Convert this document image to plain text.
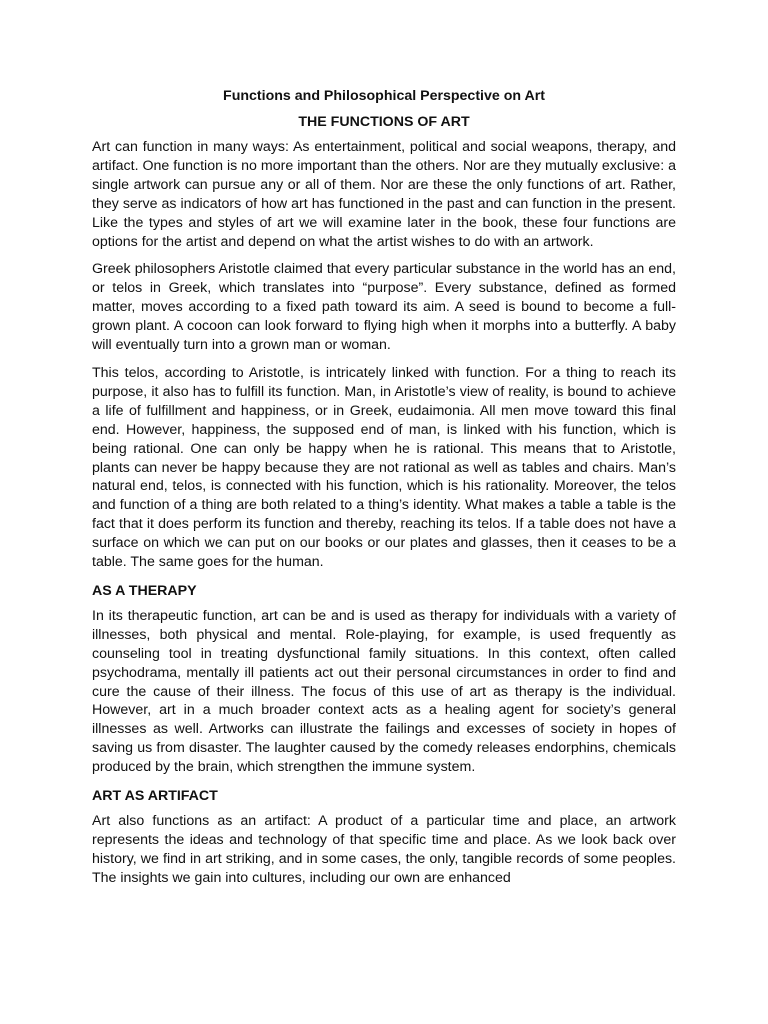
Functions and Philosophical Perspective on Art
THE FUNCTIONS OF ART

Art can function in many ways: As entertainment, political and social weapons, therapy, and artifact. One function is no more important than the others. Nor are they mutually exclusive: a single artwork can pursue any or all of them. Nor are these the only functions of art. Rather, they serve as indicators of how art has functioned in the past and can function in the present. Like the types and styles of art we will examine later in the book, these four functions are options for the artist and depend on what the artist wishes to do with an artwork.

Greek philosophers Aristotle claimed that every particular substance in the world has an end, or telos in Greek, which translates into “purpose”. Every substance, defined as formed matter, moves according to a fixed path toward its aim. A seed is bound to become a full-grown plant. A cocoon can look forward to flying high when it morphs into a butterfly. A baby will eventually turn into a grown man or woman.

This telos, according to Aristotle, is intricately linked with function. For a thing to reach its purpose, it also has to fulfill its function. Man, in Aristotle’s view of reality, is bound to achieve a life of fulfillment and happiness, or in Greek, eudaimonia. All men move toward this final end. However, happiness, the supposed end of man, is linked with his function, which is being rational. One can only be happy when he is rational. This means that to Aristotle, plants can never be happy because they are not rational as well as tables and chairs. Man’s natural end, telos, is connected with his function, which is his rationality. Moreover, the telos and function of a thing are both related to a thing’s identity. What makes a table a table is the fact that it does perform its function and thereby, reaching its telos. If a table does not have a surface on which we can put on our books or our plates and glasses, then it ceases to be a table. The same goes for the human.

AS A THERAPY

In its therapeutic function, art can be and is used as therapy for individuals with a variety of illnesses, both physical and mental. Role-playing, for example, is used frequently as counseling tool in treating dysfunctional family situations. In this context, often called psychodrama, mentally ill patients act out their personal circumstances in order to find and cure the cause of their illness. The focus of this use of art as therapy is the individual. However, art in a much broader context acts as a healing agent for society’s general illnesses as well. Artworks can illustrate the failings and excesses of society in hopes of saving us from disaster. The laughter caused by the comedy releases endorphins, chemicals produced by the brain, which strengthen the immune system.

ART AS ARTIFACT

Art also functions as an artifact: A product of a particular time and place, an artwork represents the ideas and technology of that specific time and place. As we look back over history, we find in art striking, and in some cases, the only, tangible records of some peoples. The insights we gain into cultures, including our own are enhanced
